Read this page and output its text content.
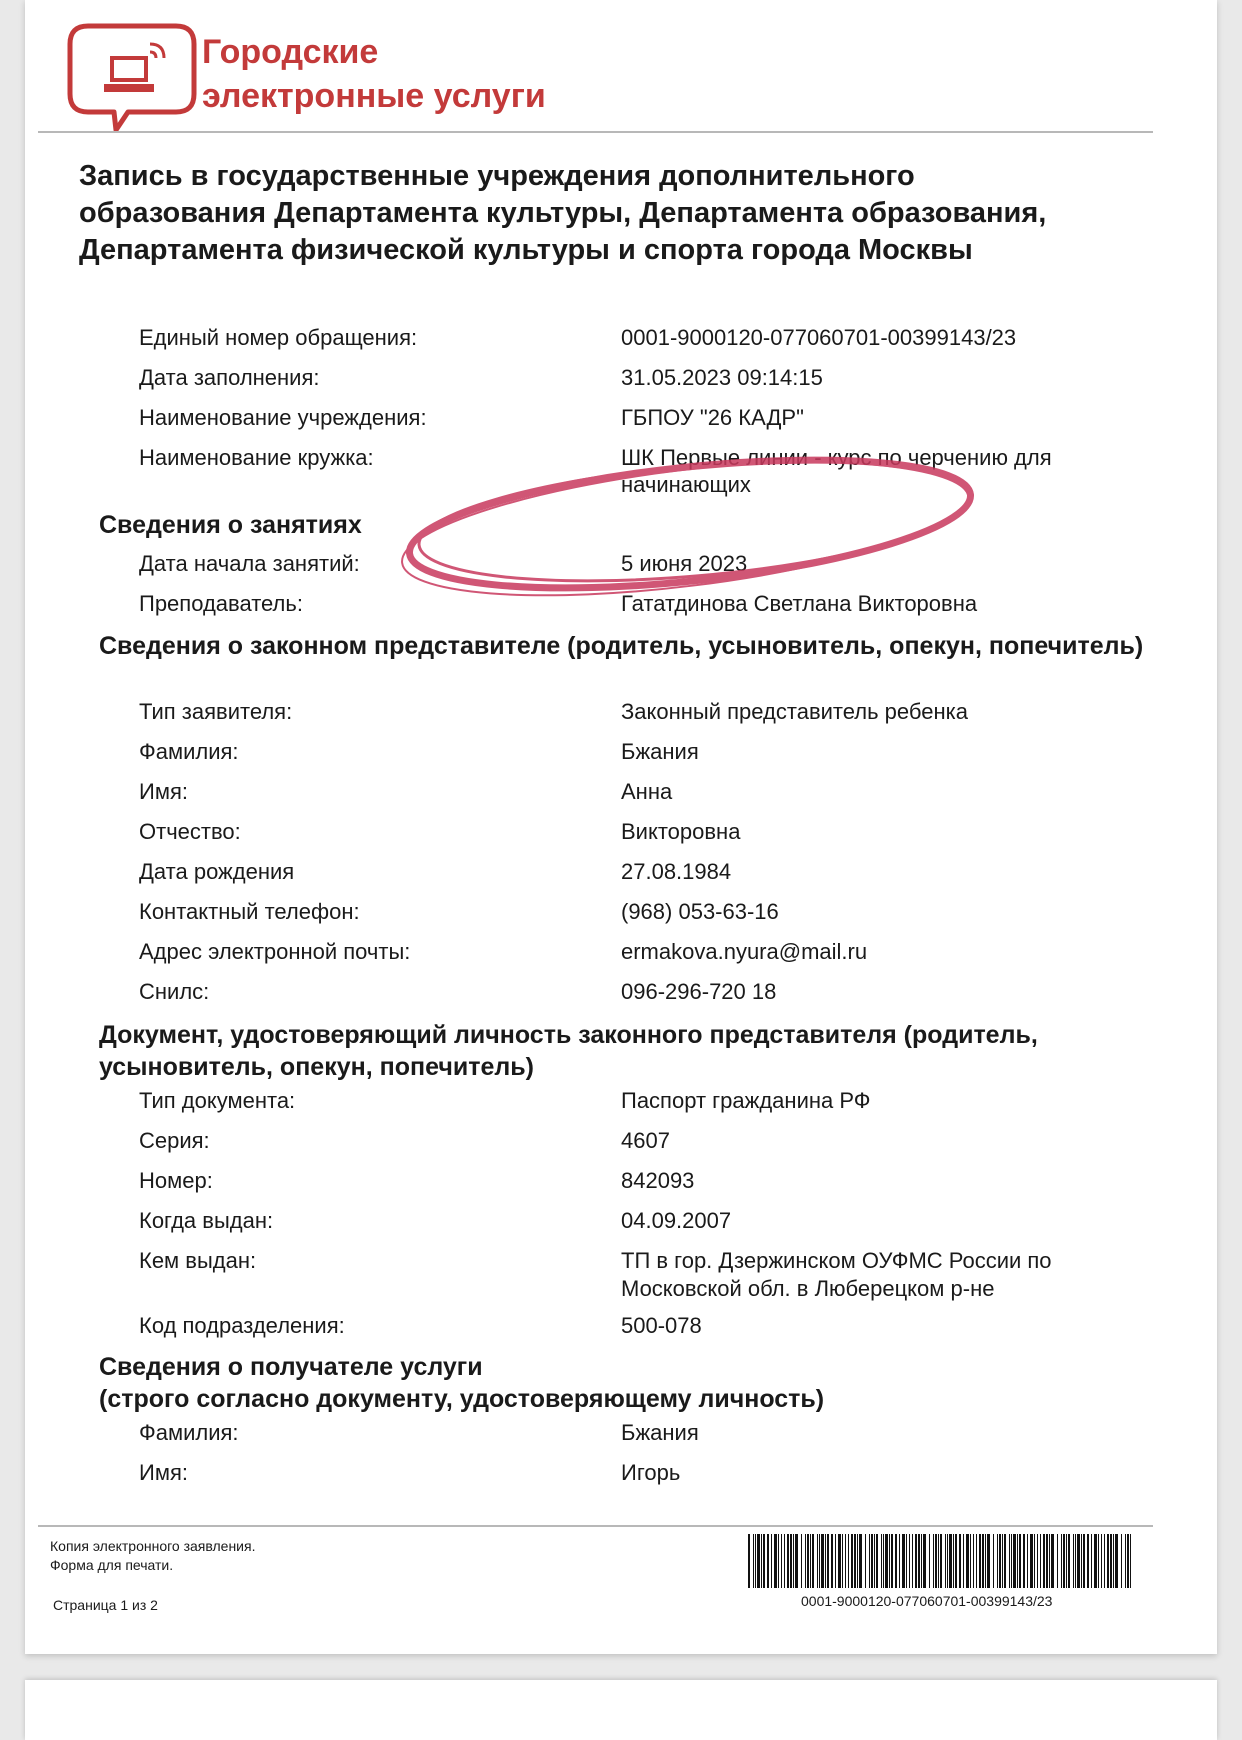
Городские
электронные услуги
Запись в государственные учреждения дополнительного образования Департамента культуры, Департамента образования, Департамента физической культуры и спорта города Москвы
Единый номер обращения:	0001-9000120-077060701-00399143/23
Дата заполнения:	31.05.2023 09:14:15
Наименование учреждения:	ГБПОУ "26 КАДР"
Наименование кружка:	ШК Первые линии - курс по черчению для начинающих
Сведения о занятиях
Дата начала занятий:	5 июня 2023
Преподаватель:	Гататдинова Светлана Викторовна
Сведения о законном представителе (родитель, усыновитель, опекун, попечитель)
Тип заявителя:	Законный представитель ребенка
Фамилия:	Бжания
Имя:	Анна
Отчество:	Викторовна
Дата рождения	27.08.1984
Контактный телефон:	(968) 053-63-16
Адрес электронной почты:	ermakova.nyura@mail.ru
Снилс:	096-296-720 18
Документ, удостоверяющий личность законного представителя (родитель, усыновитель, опекун, попечитель)
Тип документа:	Паспорт гражданина РФ
Серия:	4607
Номер:	842093
Когда выдан:	04.09.2007
Кем выдан:	ТП в гор. Дзержинском ОУФМС России по Московской обл. в Люберецком р-не
Код подразделения:	500-078
Сведения о получателе услуги
(строго согласно документу, удостоверяющему личность)
Фамилия:	Бжания
Имя:	Игорь
Копия электронного заявления.
Форма для печати.
Страница 1 из 2	0001-9000120-077060701-00399143/23
